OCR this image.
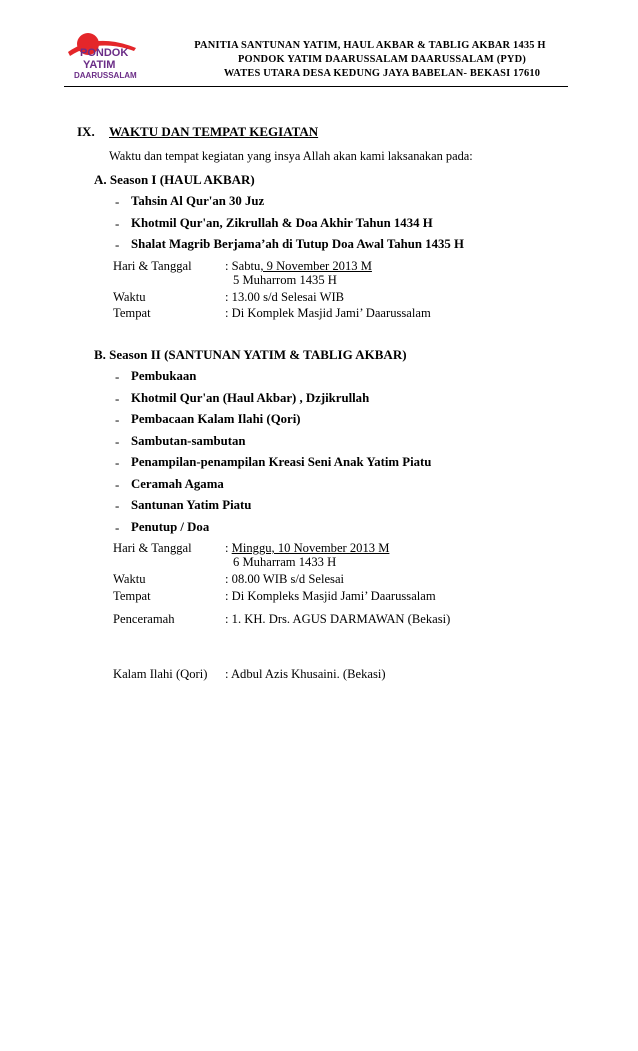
PONDOK
YATIM
DAARUSSALAM
PANITIA SANTUNAN YATIM, HAUL AKBAR & TABLIG AKBAR 1435 H
PONDOK YATIM DAARUSSALAM DAARUSSALAM (PYD)
WATES UTARA DESA KEDUNG JAYA BABELAN- BEKASI 17610
IX. WAKTU DAN TEMPAT KEGIATAN
Waktu dan tempat kegiatan yang insya Allah akan kami laksanakan pada:
A. Season I (HAUL AKBAR)
- Tahsin Al Qur'an 30 Juz
- Khotmil Qur'an, Zikrullah & Doa Akhir Tahun 1434 H
- Shalat Magrib Berjama’ah di Tutup Doa Awal Tahun 1435 H
Hari & Tanggal	: Sabtu, 9 November 2013 M
5 Muharrom 1435 H
Waktu	: 13.00 s/d Selesai WIB
Tempat	: Di Komplek Masjid Jami’ Daarussalam
B. Season II (SANTUNAN YATIM & TABLIG AKBAR)
- Pembukaan
- Khotmil Qur'an (Haul Akbar) , Dzjikrullah
- Pembacaan Kalam Ilahi (Qori)
- Sambutan-sambutan
- Penampilan-penampilan Kreasi Seni Anak Yatim Piatu
- Ceramah Agama
- Santunan Yatim Piatu
- Penutup / Doa
Hari & Tanggal	: Minggu, 10 November 2013 M
6 Muharram 1433 H
Waktu	: 08.00 WIB s/d Selesai
Tempat	: Di Kompleks Masjid Jami’ Daarussalam
Penceramah	: 1. KH. Drs. AGUS DARMAWAN (Bekasi)
Kalam Ilahi (Qori) : Adbul Azis Khusaini. (Bekasi)
